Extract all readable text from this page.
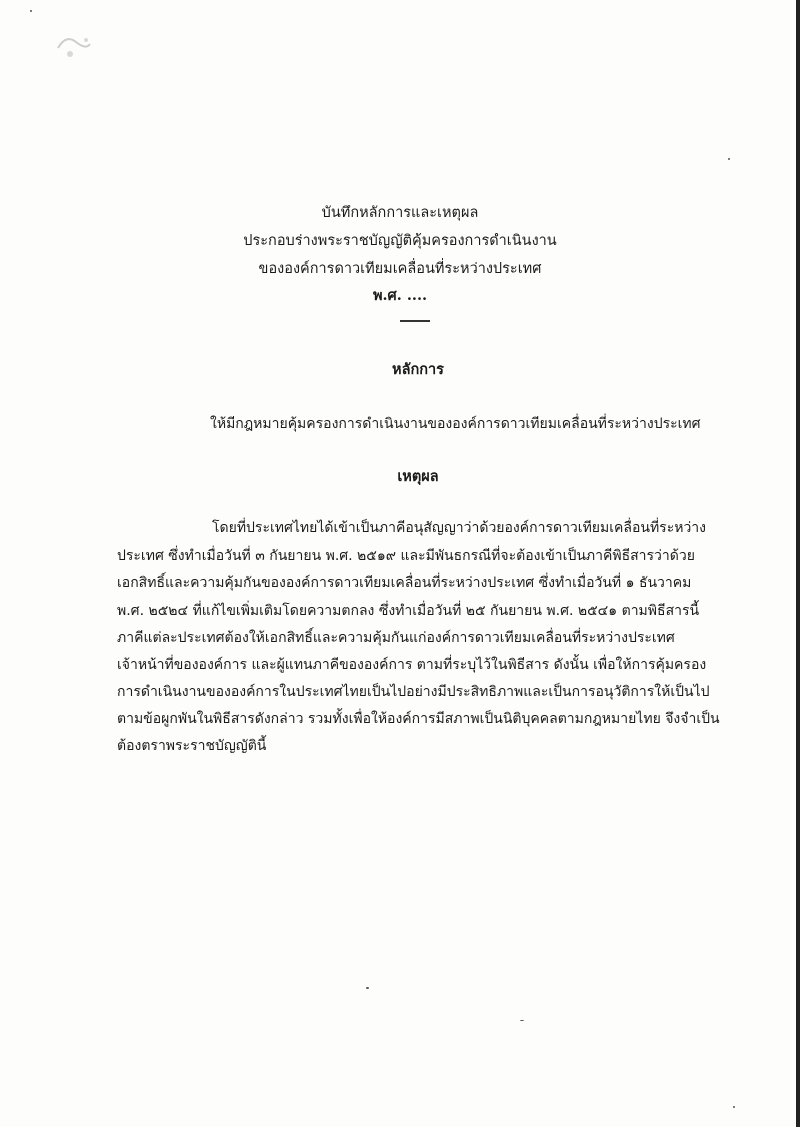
บันทึกหลักการและเหตุผล
ประกอบร่างพระราชบัญญัติคุ้มครองการดำเนินงาน
ขององค์การดาวเทียมเคลื่อนที่ระหว่างประเทศ
พ.ศ. ....
หลักการ
ให้มีกฎหมายคุ้มครองการดำเนินงานขององค์การดาวเทียมเคลื่อนที่ระหว่างประเทศ
เหตุผล
โดยที่ประเทศไทยได้เข้าเป็นภาคีอนุสัญญาว่าด้วยองค์การดาวเทียมเคลื่อนที่ระหว่าง
ประเทศ ซึ่งทำเมื่อวันที่ ๓ กันยายน พ.ศ. ๒๕๑๙ และมีพันธกรณีที่จะต้องเข้าเป็นภาคีพิธีสารว่าด้วย
เอกสิทธิ์และความคุ้มกันขององค์การดาวเทียมเคลื่อนที่ระหว่างประเทศ ซึ่งทำเมื่อวันที่ ๑ ธันวาคม
พ.ศ. ๒๕๒๔ ที่แก้ไขเพิ่มเติมโดยความตกลง ซึ่งทำเมื่อวันที่ ๒๕ กันยายน พ.ศ. ๒๕๔๑ ตามพิธีสารนี้
ภาคีแต่ละประเทศต้องให้เอกสิทธิ์และความคุ้มกันแก่องค์การดาวเทียมเคลื่อนที่ระหว่างประเทศ
เจ้าหน้าที่ขององค์การ และผู้แทนภาคีขององค์การ ตามที่ระบุไว้ในพิธีสาร ดังนั้น เพื่อให้การคุ้มครอง
การดำเนินงานขององค์การในประเทศไทยเป็นไปอย่างมีประสิทธิภาพและเป็นการอนุวัติการให้เป็นไป
ตามข้อผูกพันในพิธีสารดังกล่าว รวมทั้งเพื่อให้องค์การมีสภาพเป็นนิติบุคคลตามกฎหมายไทย จึงจำเป็น
ต้องตราพระราชบัญญัตินี้
